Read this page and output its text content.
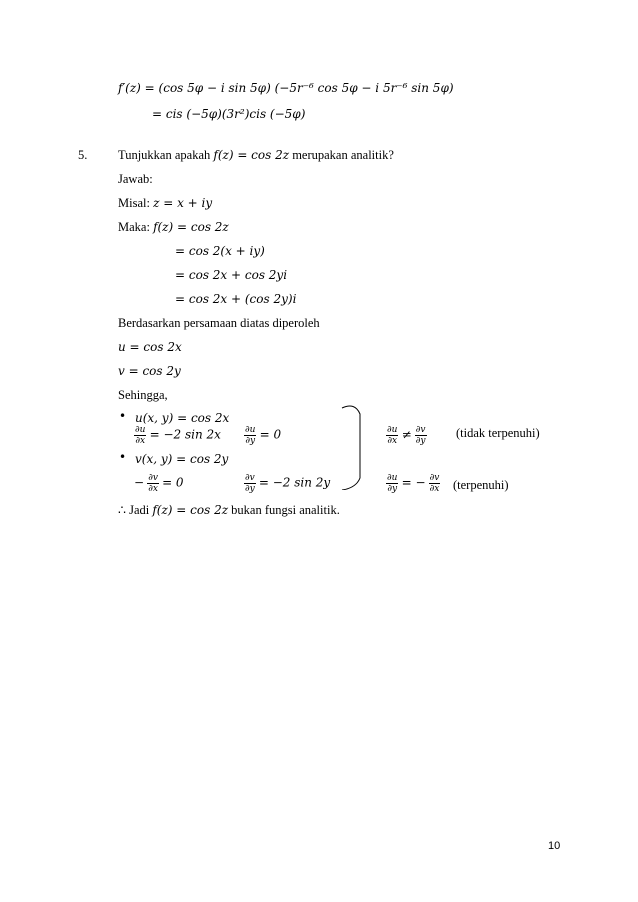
f′(z) = (cos 5φ − i sin 5φ) (−5r⁻⁶ cos 5φ − i 5r⁻⁶ sin 5φ)
= cis (−5φ)(3r²)cis (−5φ)
5. Tunjukkan apakah f(z) = cos 2z merupakan analitik?
Jawab:
Misal: z = x + iy
Maka: f(z) = cos 2z
= cos 2(x + iy)
= cos 2x + cos 2yi
= cos 2x + (cos 2y)i
Berdasarkan persamaan diatas diperoleh
u = cos 2x
v = cos 2y
Sehingga,
• u(x, y) = cos 2x
$\frac{\partial u}{\partial x} = -2$ sin 2x	$\frac{\partial u}{\partial y} = 0$
• v(x, y) = cos 2y
− $\frac{\partial v}{\partial x} = 0$	$\frac{\partial v}{\partial y} = -2$ sin 2y
$\frac{\partial u}{\partial x} \ne \frac{\partial v}{\partial y}$ (tidak terpenuhi)
$\frac{\partial u}{\partial y}$ = − $\frac{\partial v}{\partial x}$ (terpenuhi)
∴ Jadi f(z) = cos 2z bukan fungsi analitik.
10
